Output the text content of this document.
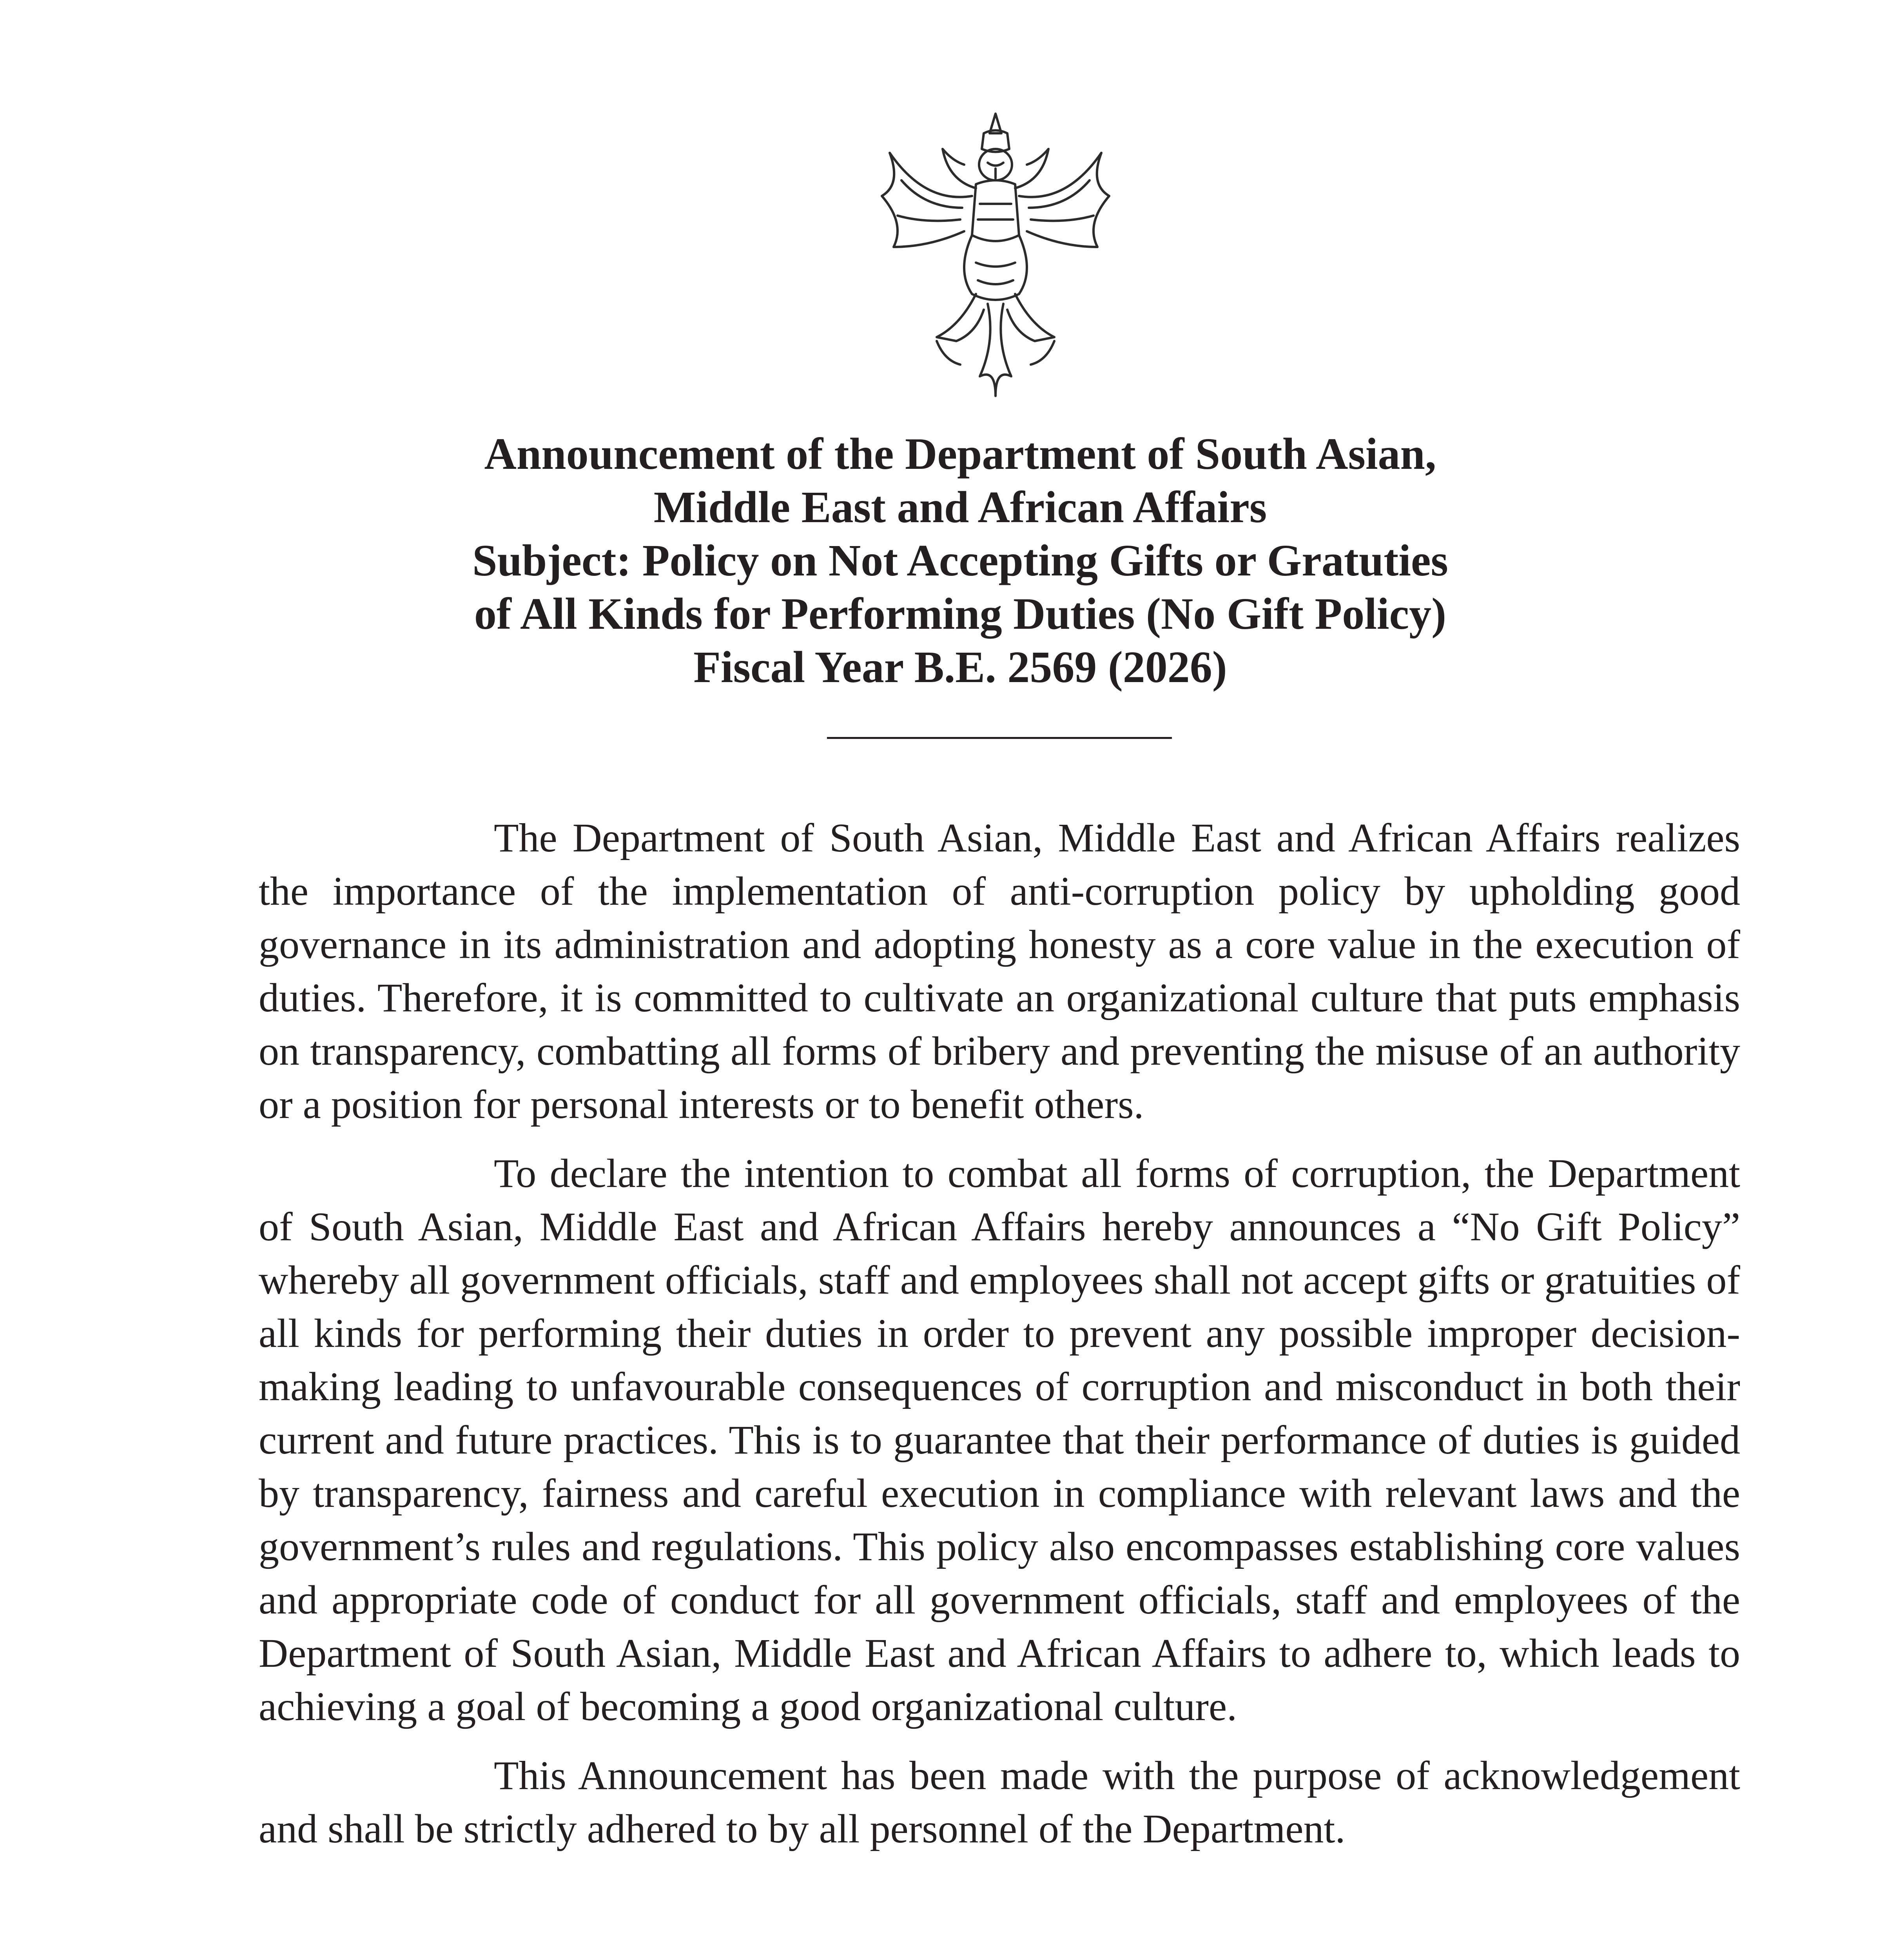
Announcement of the Department of South Asian,
Middle East and African Affairs
Subject: Policy on Not Accepting Gifts or Gratuties
of All Kinds for Performing Duties (No Gift Policy)
Fiscal Year B.E. 2569 (2026)

The Department of South Asian, Middle East and African Affairs realizes the importance of the implementation of anti-corruption policy by upholding good governance in its administration and adopting honesty as a core value in the execution of duties. Therefore, it is committed to cultivate an organizational culture that puts emphasis on transparency, combatting all forms of bribery and preventing the misuse of an authority or a position for personal interests or to benefit others.

To declare the intention to combat all forms of corruption, the Department of South Asian, Middle East and African Affairs hereby announces a “No Gift Policy” whereby all government officials, staff and employees shall not accept gifts or gratuities of all kinds for performing their duties in order to prevent any possible improper decision-making leading to unfavourable consequences of corruption and misconduct in both their current and future practices. This is to guarantee that their performance of duties is guided by transparency, fairness and careful execution in compliance with relevant laws and the government’s rules and regulations. This policy also encompasses establishing core values and appropriate code of conduct for all government officials, staff and employees of the Department of South Asian, Middle East and African Affairs to adhere to, which leads to achieving a goal of becoming a good organizational culture.

This Announcement has been made with the purpose of acknowledgement and shall be strictly adhered to by all personnel of the Department.
